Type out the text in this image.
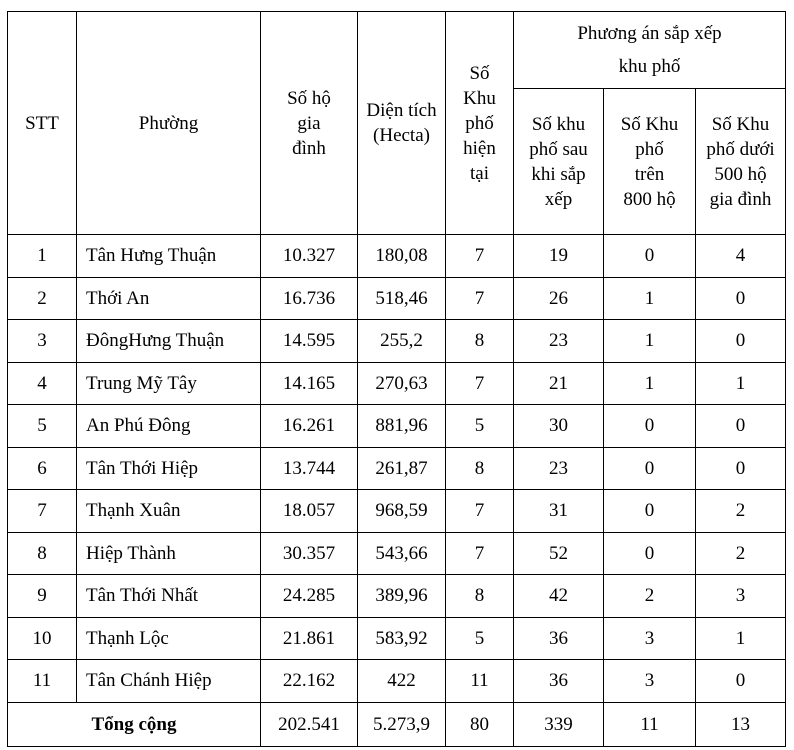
STT	Phường	Số hộ gia đình	Diện tích (Hecta)	Số Khu phố hiện tại	Phương án sắp xếp khu phố		
					Số khu phố sau khi sắp xếp	Số Khu phố trên 800 hộ	Số Khu phố dưới 500 hộ gia đình
1	Tân Hưng Thuận	10.327	180,08	7	19	0	4
2	Thới An	16.736	518,46	7	26	1	0
3	ĐôngHưng Thuận	14.595	255,2	8	23	1	0
4	Trung Mỹ Tây	14.165	270,63	7	21	1	1
5	An Phú Đông	16.261	881,96	5	30	0	0
6	Tân Thới Hiệp	13.744	261,87	8	23	0	0
7	Thạnh Xuân	18.057	968,59	7	31	0	2
8	Hiệp Thành	30.357	543,66	7	52	0	2
9	Tân Thới Nhất	24.285	389,96	8	42	2	3
10	Thạnh Lộc	21.861	583,92	5	36	3	1
11	Tân Chánh Hiệp	22.162	422	11	36	3	0
Tổng cộng		202.541	5.273,9	80	339	11	13
